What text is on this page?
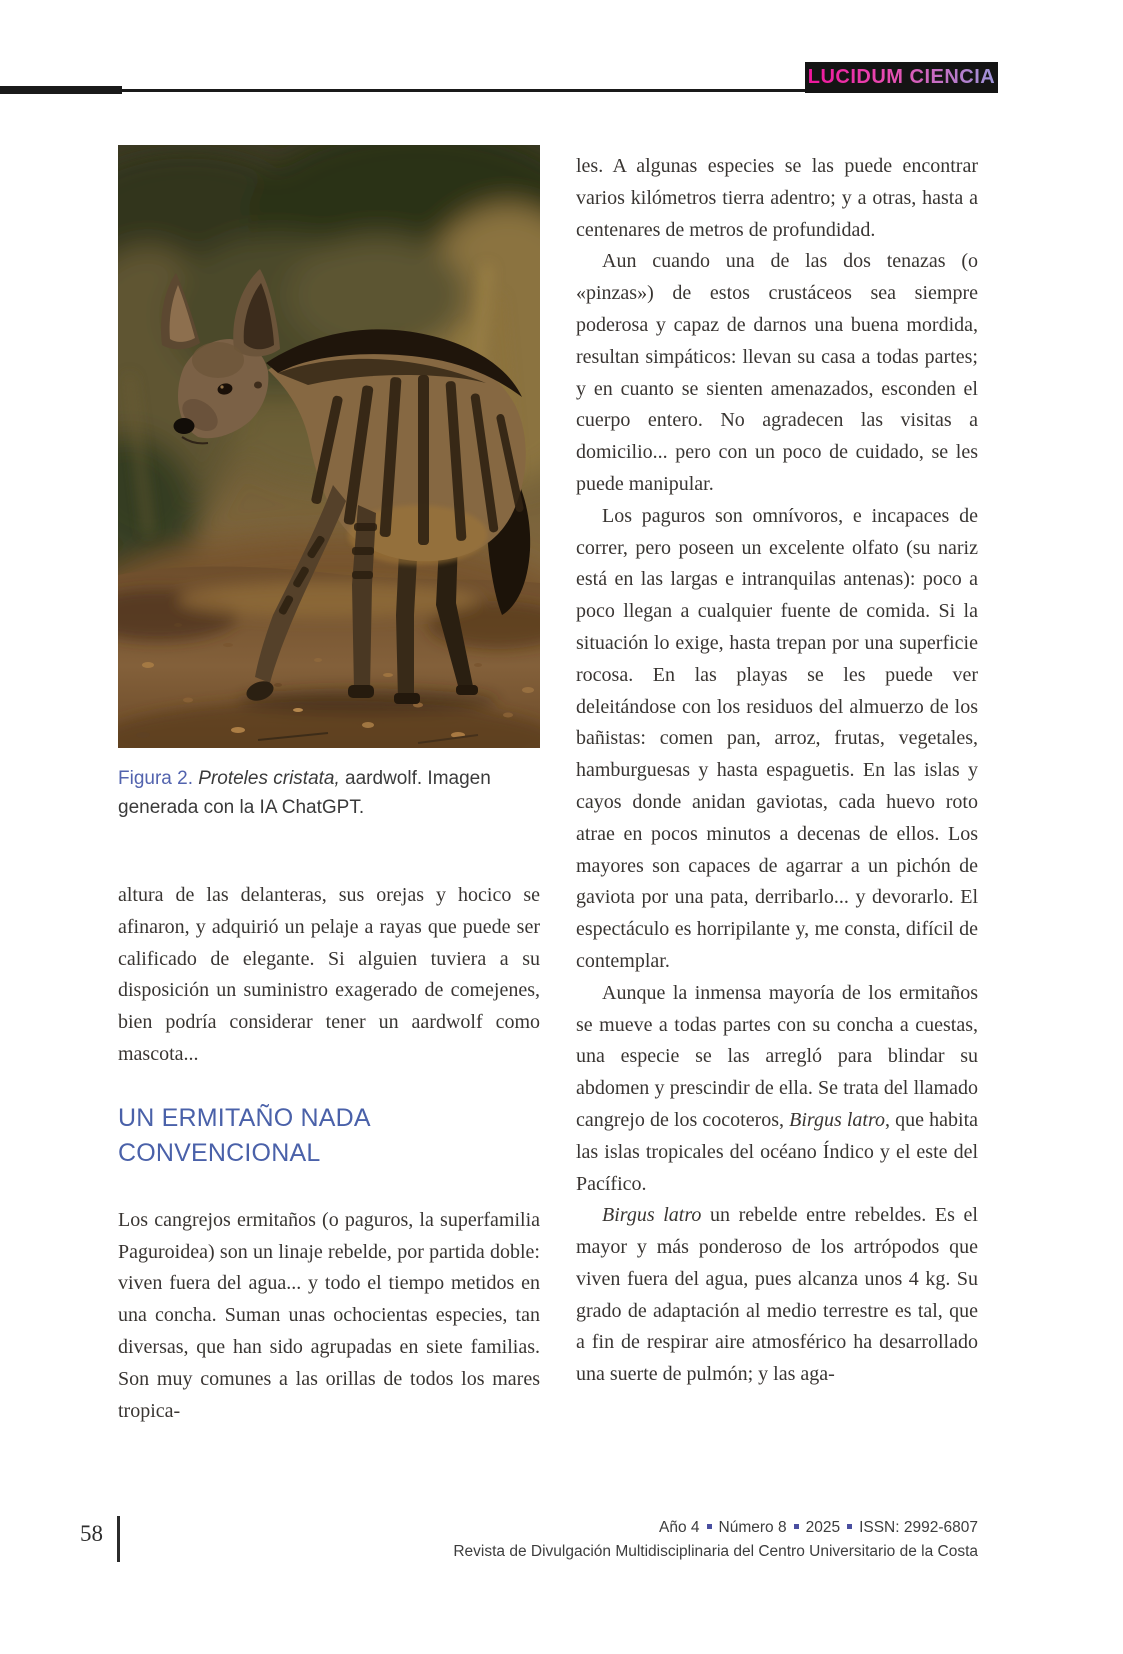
LUCIDUM CIENCIA
Figura 2. Proteles cristata, aardwolf. Imagen generada con la IA ChatGPT.

altura de las delanteras, sus orejas y hocico se afinaron, y adquirió un pelaje a rayas que puede ser calificado de elegante. Si alguien tuviera a su disposición un suministro exagerado de comejenes, bien podría considerar tener un aardwolf como mascota...

UN ERMITAÑO NADA CONVENCIONAL

Los cangrejos ermitaños (o paguros, la superfamilia Paguroidea) son un linaje rebelde, por partida doble: viven fuera del agua... y todo el tiempo metidos en una concha. Suman unas ochocientas especies, tan diversas, que han sido agrupadas en siete familias. Son muy comunes a las orillas de todos los mares tropica-

les. A algunas especies se las puede encontrar varios kilómetros tierra adentro; y a otras, hasta a centenares de metros de profundidad.

Aun cuando una de las dos tenazas (o «pinzas») de estos crustáceos sea siempre poderosa y capaz de darnos una buena mordida, resultan simpáticos: llevan su casa a todas partes; y en cuanto se sienten amenazados, esconden el cuerpo entero. No agradecen las visitas a domicilio... pero con un poco de cuidado, se les puede manipular.

Los paguros son omnívoros, e incapaces de correr, pero poseen un excelente olfato (su nariz está en las largas e intranquilas antenas): poco a poco llegan a cualquier fuente de comida. Si la situación lo exige, hasta trepan por una superficie rocosa. En las playas se les puede ver deleitándose con los residuos del almuerzo de los bañistas: comen pan, arroz, frutas, vegetales, hamburguesas y hasta espaguetis. En las islas y cayos donde anidan gaviotas, cada huevo roto atrae en pocos minutos a decenas de ellos. Los mayores son capaces de agarrar a un pichón de gaviota por una pata, derribarlo... y devorarlo. El espectáculo es horripilante y, me consta, difícil de contemplar.

Aunque la inmensa mayoría de los ermitaños se mueve a todas partes con su concha a cuestas, una especie se las arregló para blindar su abdomen y prescindir de ella. Se trata del llamado cangrejo de los cocoteros, Birgus latro, que habita las islas tropicales del océano Índico y el este del Pacífico.

Birgus latro un rebelde entre rebeldes. Es el mayor y más ponderoso de los artrópodos que viven fuera del agua, pues alcanza unos 4 kg. Su grado de adaptación al medio terrestre es tal, que a fin de respirar aire atmosférico ha desarrollado una suerte de pulmón; y las aga-

58	Año 4 Número 8 2025 ISSN: 2992-6807
Revista de Divulgación Multidisciplinaria del Centro Universitario de la Costa
